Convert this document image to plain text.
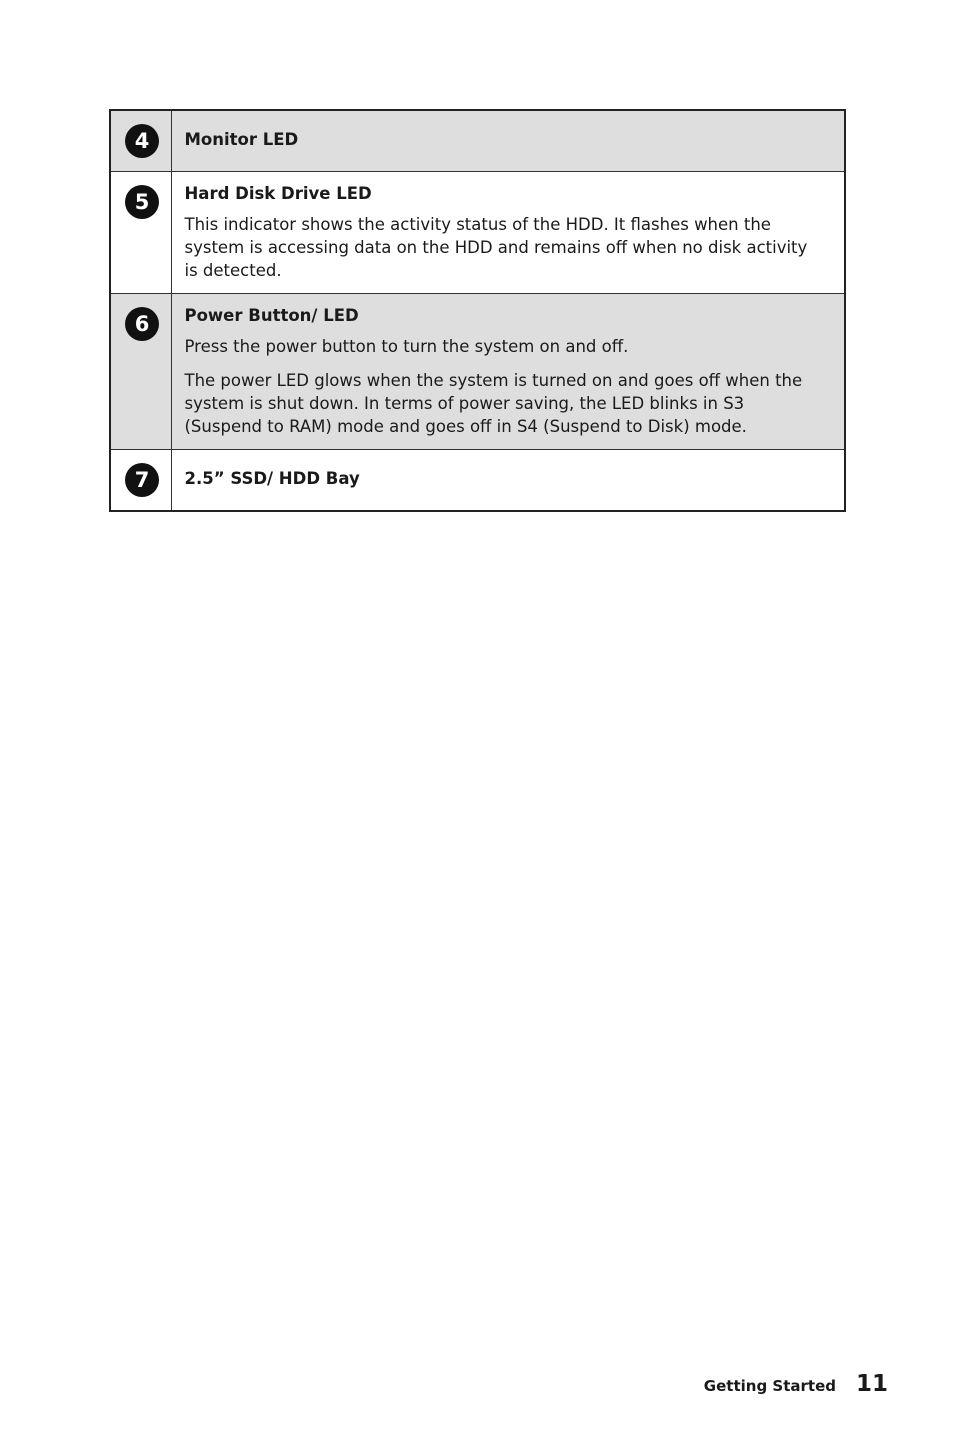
4	Monitor LED

5	Hard Disk Drive LED

This indicator shows the activity status of the HDD. It flashes when the system is accessing data on the HDD and remains off when no disk activity is detected.

6	Power Button/ LED

Press the power button to turn the system on and off.

The power LED glows when the system is turned on and goes off when the system is shut down. In terms of power saving, the LED blinks in S3 (Suspend to RAM) mode and goes off in S4 (Suspend to Disk) mode.

7	2.5” SSD/ HDD Bay

Getting Started 11
